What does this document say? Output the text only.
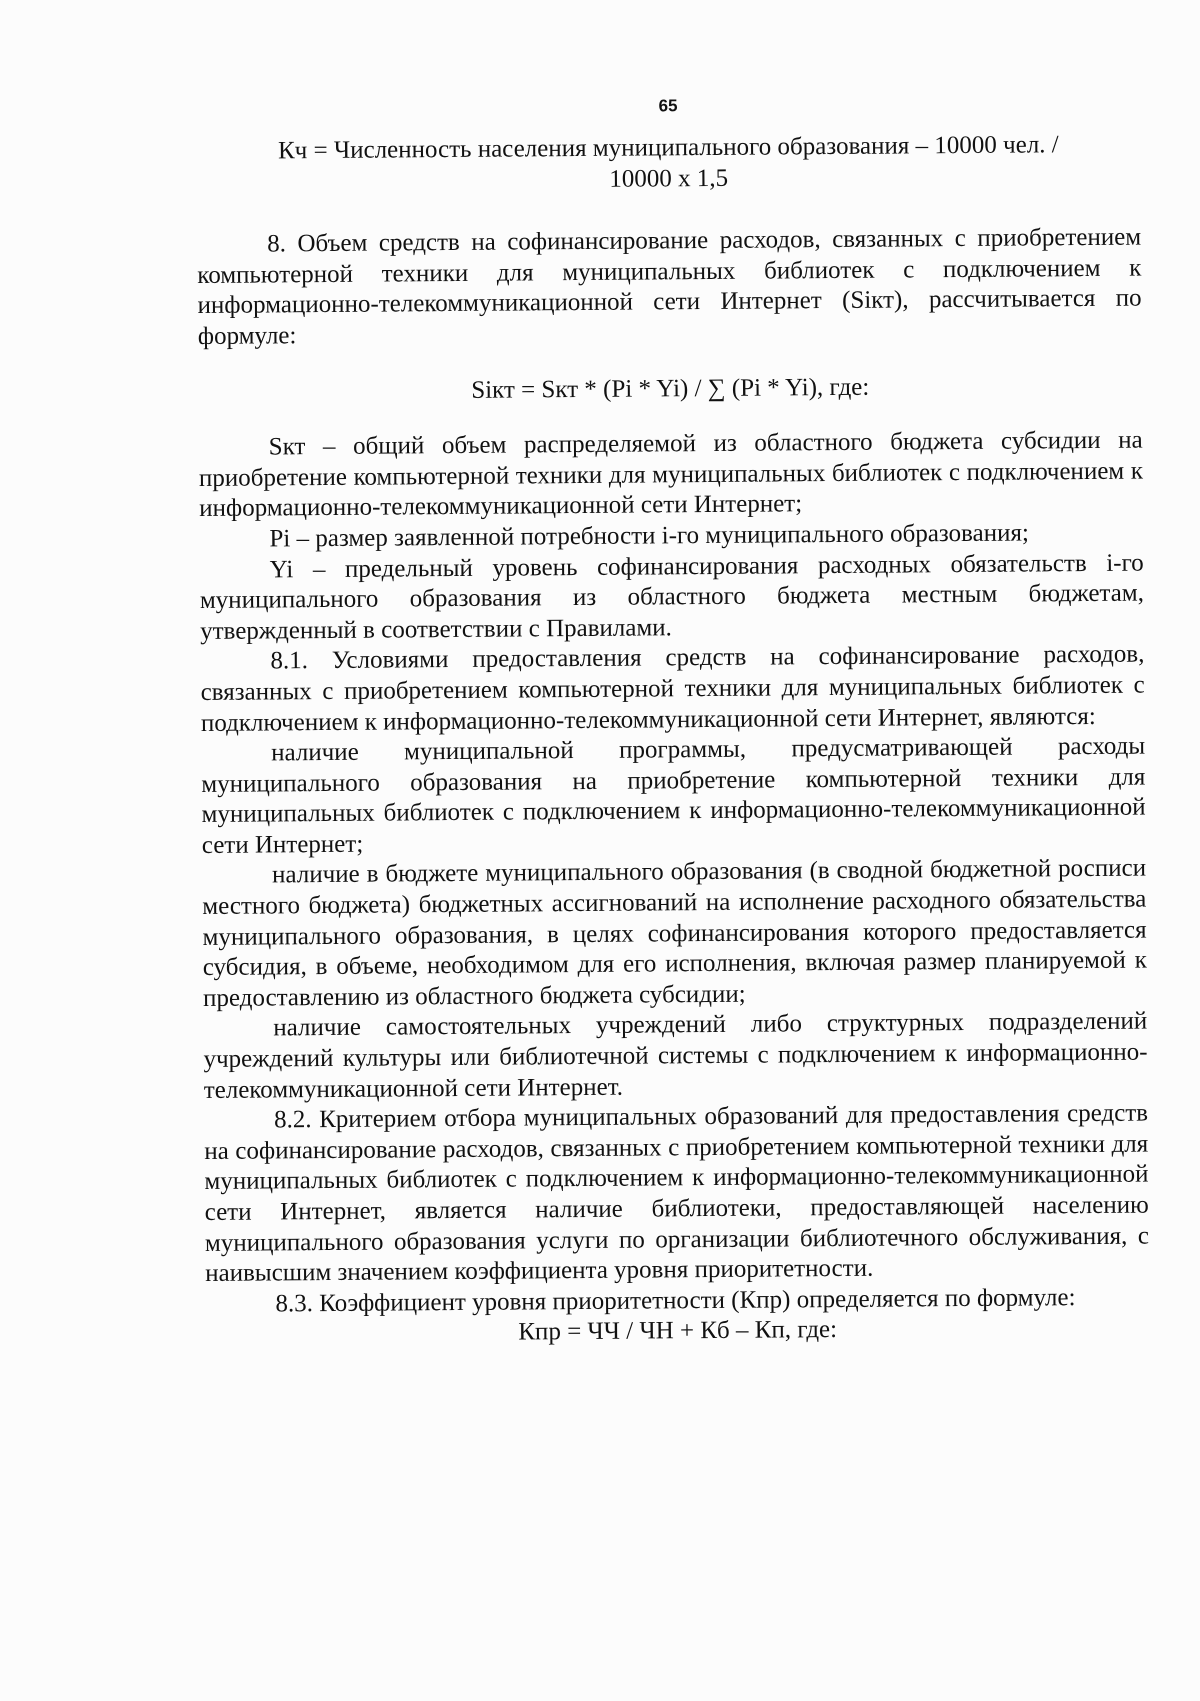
65

Кч = Численность населения муниципального образования – 10000 чел. /

10000 х 1,5

8. Объем средств на софинансирование расходов, связанных с приобретением компьютерной техники для муниципальных библиотек с подключением к информационно-телекоммуникационной сети Интернет (Siкт), рассчитывается по формуле:

Siкт = Sкт * (Pi * Yi) / ∑ (Pi * Yi), где:

Sкт – общий объем распределяемой из областного бюджета субсидии на приобретение компьютерной техники для муниципальных библиотек с подключением к информационно-телекоммуникационной сети Интернет;

Pi – размер заявленной потребности i-го муниципального образования;

Yi – предельный уровень софинансирования расходных обязательств i-го муниципального образования из областного бюджета местным бюджетам, утвержденный в соответствии с Правилами.

8.1. Условиями предоставления средств на софинансирование расходов, связанных с приобретением компьютерной техники для муниципальных библиотек с подключением к информационно-телекоммуникационной сети Интернет, являются:

наличие муниципальной программы, предусматривающей расходы муниципального образования на приобретение компьютерной техники для муниципальных библиотек с подключением к информационно-телекоммуникационной сети Интернет;

наличие в бюджете муниципального образования (в сводной бюджетной росписи местного бюджета) бюджетных ассигнований на исполнение расходного обязательства муниципального образования, в целях софинансирования которого предоставляется субсидия, в объеме, необходимом для его исполнения, включая размер планируемой к предоставлению из областного бюджета субсидии;

наличие самостоятельных учреждений либо структурных подразделений учреждений культуры или библиотечной системы с подключением к информационно-телекоммуникационной сети Интернет.

8.2. Критерием отбора муниципальных образований для предоставления средств на софинансирование расходов, связанных с приобретением компьютерной техники для муниципальных библиотек с подключением к информационно-телекоммуникационной сети Интернет, является наличие библиотеки, предоставляющей населению муниципального образования услуги по организации библиотечного обслуживания, с наивысшим значением коэффициента уровня приоритетности.

8.3. Коэффициент уровня приоритетности (Кпр) определяется по формуле:

Кпр = ЧЧ / ЧН + Кб – Кп, где:
